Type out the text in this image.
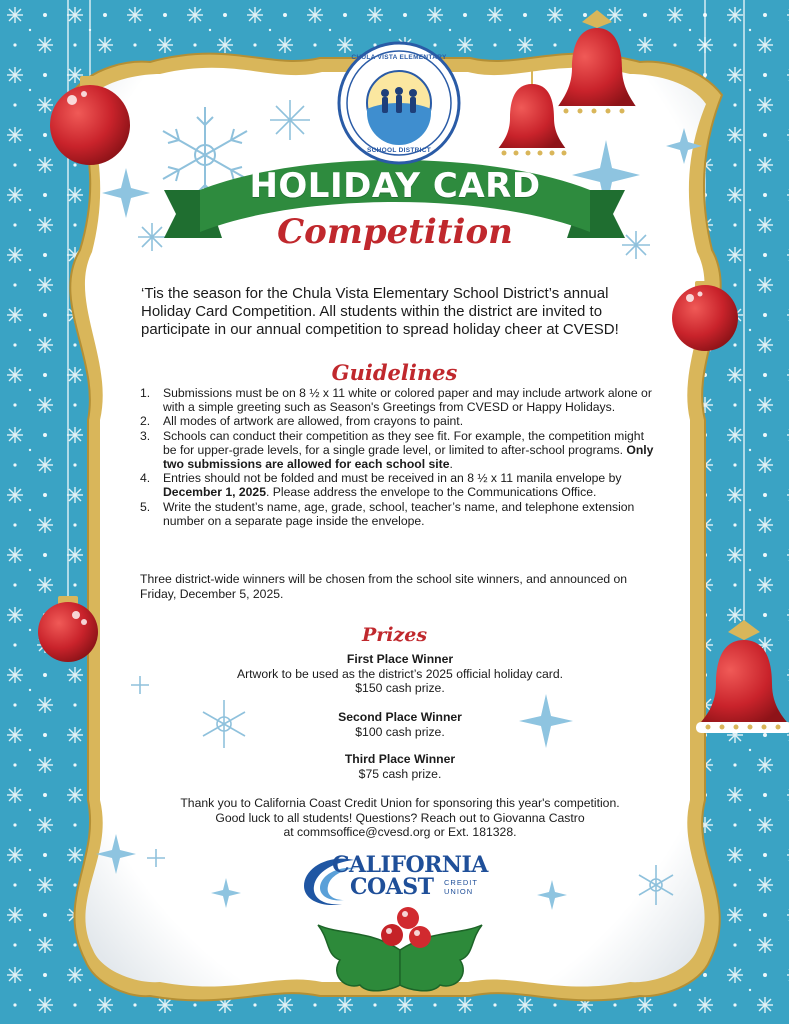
CHULA VISTA ELEMENTARY
SCHOOL DISTRICT
HOLIDAY CARD
Competition
‘Tis the season for the Chula Vista Elementary School District’s annual Holiday Card Competition. All students within the district are invited to participate in our annual competition to spread holiday cheer at CVESD!
Guidelines
1. Submissions must be on 8 ½ x 11 white or colored paper and may include artwork alone or with a simple greeting such as Season's Greetings from CVESD or Happy Holidays.
2. All modes of artwork are allowed, from crayons to paint.
3. Schools can conduct their competition as they see fit. For example, the competition might be for upper-grade levels, for a single grade level, or limited to after-school programs. Only two submissions are allowed for each school site.
4. Entries should not be folded and must be received in an 8 ½ x 11 manila envelope by December 1, 2025. Please address the envelope to the Communications Office.
5. Write the student’s name, age, grade, school, teacher’s name, and telephone extension number on a separate page inside the envelope.
Three district-wide winners will be chosen from the school site winners, and announced on Friday, December 5, 2025.
Prizes
First Place Winner
Artwork to be used as the district’s 2025 official holiday card.
$150 cash prize.
Second Place Winner
$100 cash prize.
Third Place Winner
$75 cash prize.
Thank you to California Coast Credit Union for sponsoring this year's competition.
Good luck to all students! Questions? Reach out to Giovanna Castro
at commsoffice@cvesd.org or Ext. 181328.
CALIFORNIA
COAST CREDIT
UNION
